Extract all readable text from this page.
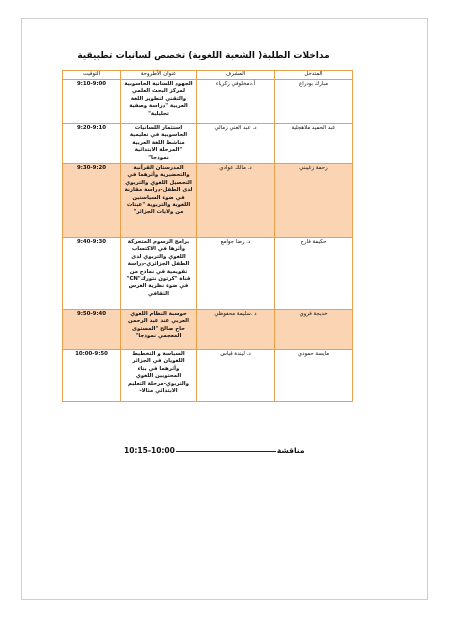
مداخلات الطلبة( الشعبة اللغوية) تخصص لسانيات تطبيقية
المتدخل	المشرف	عنوان الأطروحة	التوقيت
مبارك بودراع	أ.دمخلوفي زكرياء	الجهود اللسانية الحاسوبية لمركز البحث العلمي والتقني لتطوير اللغة العربية "دراسة وصفية تحليلية"	9:10-9:00
عبد الحميد ملاهجلية	د. عبد الغني زمالي	استثمار اللسانيات الحاسوبية في تعليمية مناشط اللغة العربية "المرحلة الابتدائية نموذجا"	9:20-9:10
رحمة زغيبني	د. مالك عوادي	المدرستان القرآنية والتحضيرية وأثرهما في التحصيل اللغوي والتربوي لدى الطفل-دراسة مقارنة في ضوء السياستين اللغوية والتربوية "عينات من ولايات الجزائر"	9:30-9:20
حكيمة فارح	د. رضا جوامع	برامج الرسوم المتحركة وأثرها في الاكتساب اللغوي والتربوي لدى الطفل الجزائري-دراسة تقويمية في نماذج من قناة "كرتون نتورك"CN" في ضوء نظرية الغرس الثقافي	9:40-9:30
خديجة فروي	د .سليمة محفوظي	حوسبة النظام اللغوي العربي عند عبد الرحمن حاج صالح "المستوى المعجمي نموذجا"	9:50-9:40
مايسة حمودي	د. ليندة قياس	السياسة و التخطيط اللغويان في الجزائر وأثرهما في بناء المحتويين اللغوي والتربوي-مرحلة التعليم الابتدائي مثالا-	10:00-9:50
10:15-10:00	مناقشة
